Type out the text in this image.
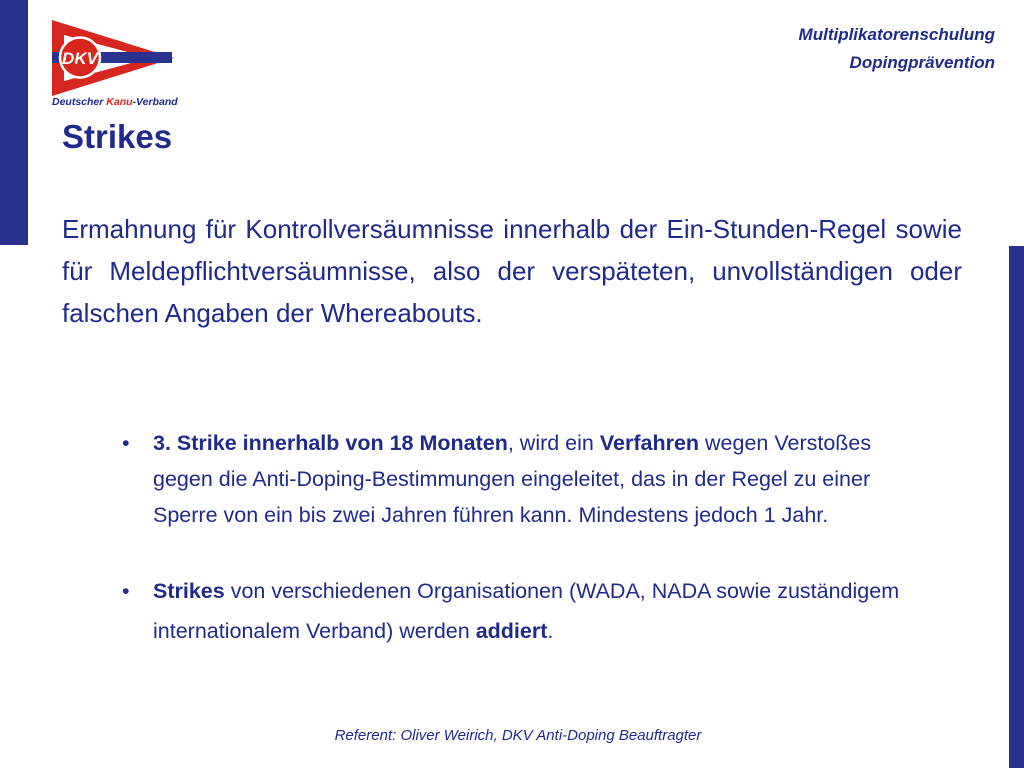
DKV
Deutscher Kanu-Verband
Multiplikatorenschulung
Dopingprävention
Strikes

Ermahnung für Kontrollversäumnisse innerhalb der Ein-Stunden-Regel sowie für Meldepflichtversäumnisse, also der verspäteten, unvollständigen oder falschen Angaben der Whereabouts.

• 3. Strike innerhalb von 18 Monaten, wird ein Verfahren wegen Verstoßes gegen die Anti-Doping-Bestimmungen eingeleitet, das in der Regel zu einer Sperre von ein bis zwei Jahren führen kann. Mindestens jedoch 1 Jahr.
• Strikes von verschiedenen Organisationen (WADA, NADA sowie zuständigem internationalem Verband) werden addiert.
Referent: Oliver Weirich, DKV Anti-Doping Beauftragter
